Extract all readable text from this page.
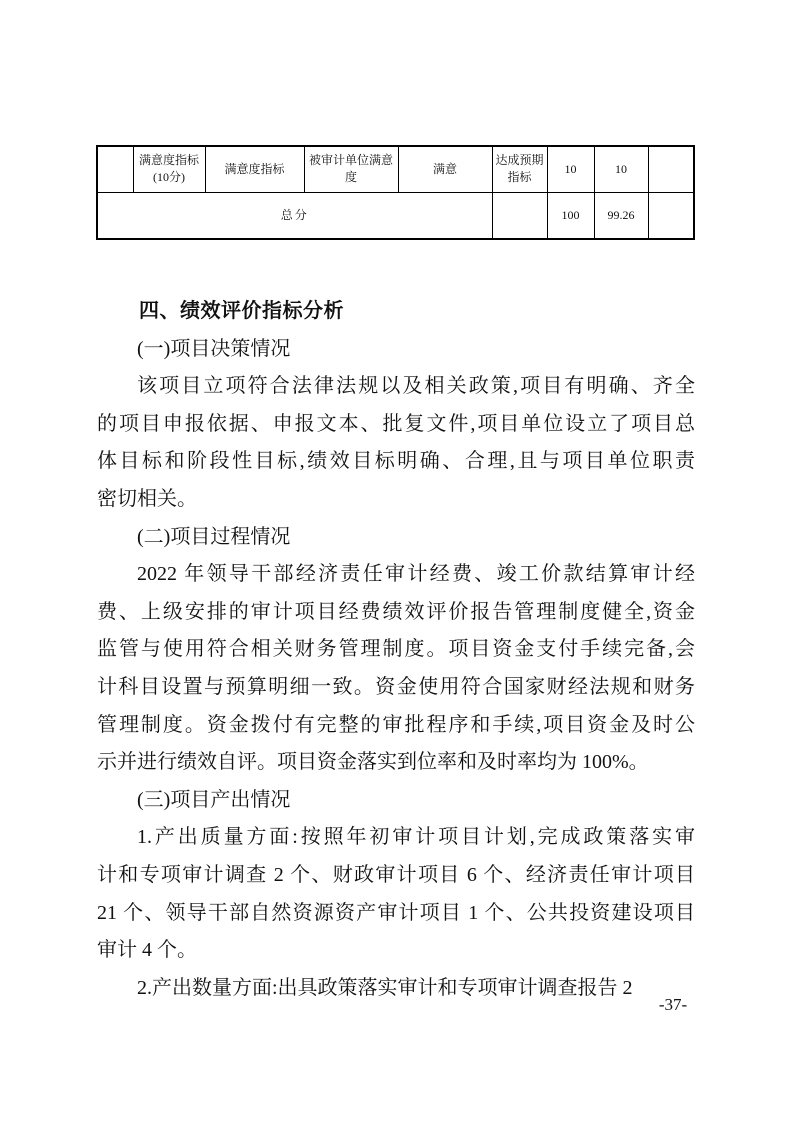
	满意度指标(10分)	满意度指标	被审计单位满意度	满意	达成预期指标	10	10	
总分						100	99.26	
四、绩效评价指标分析
(一)项目决策情况
该项目立项符合法律法规以及相关政策,项目有明确、齐全
的项目申报依据、申报文本、批复文件,项目单位设立了项目总
体目标和阶段性目标,绩效目标明确、合理,且与项目单位职责
密切相关。
(二)项目过程情况
2022 年领导干部经济责任审计经费、竣工价款结算审计经
费、上级安排的审计项目经费绩效评价报告管理制度健全,资金
监管与使用符合相关财务管理制度。项目资金支付手续完备,会
计科目设置与预算明细一致。资金使用符合国家财经法规和财务
管理制度。资金拨付有完整的审批程序和手续,项目资金及时公
示并进行绩效自评。项目资金落实到位率和及时率均为 100%。
(三)项目产出情况
1.产出质量方面:按照年初审计项目计划,完成政策落实审
计和专项审计调查 2 个、财政审计项目 6 个、经济责任审计项目
21 个、领导干部自然资源资产审计项目 1 个、公共投资建设项目
审计 4 个。
2.产出数量方面:出具政策落实审计和专项审计调查报告 2
-37-
